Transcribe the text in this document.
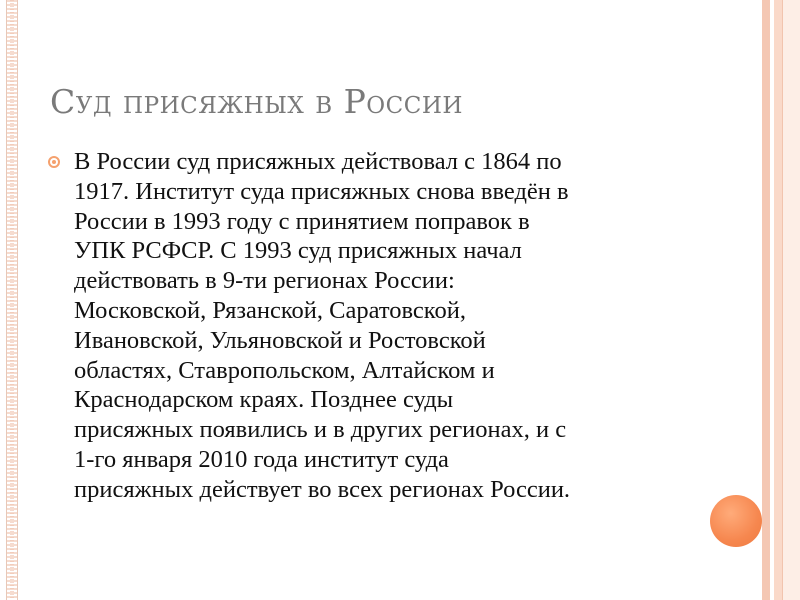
Суд присяжных в России
В России суд присяжных действовал с 1864 по
1917. Институт суда присяжных снова введён в
России в 1993 году с принятием поправок в
УПК РСФСР. С 1993 суд присяжных начал
действовать в 9-ти регионах России:
Московской, Рязанской, Саратовской,
Ивановской, Ульяновской и Ростовской
областях, Ставропольском, Алтайском и
Краснодарском краях. Позднее суды
присяжных появились и в других регионах, и с
1-го января 2010 года институт суда
присяжных действует во всех регионах России.
